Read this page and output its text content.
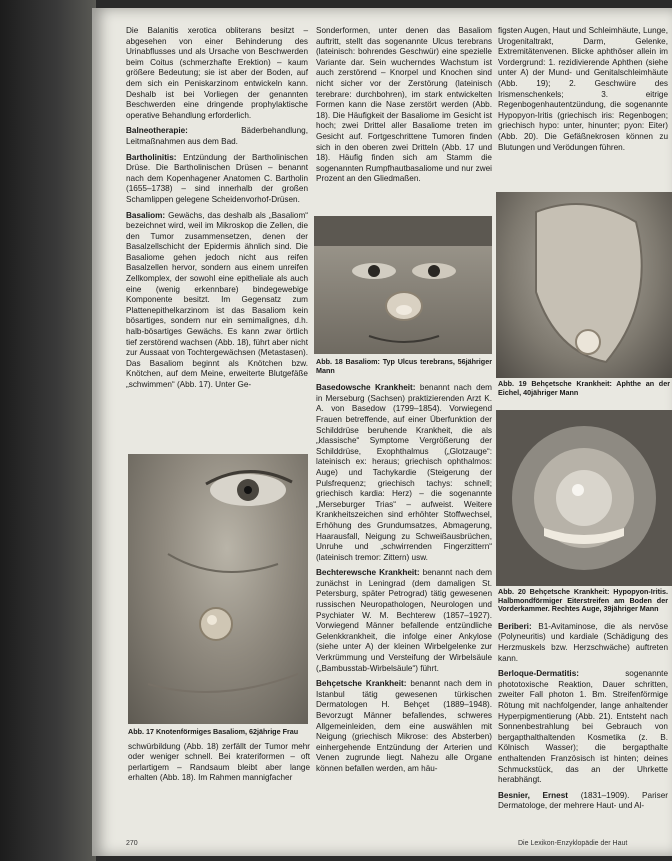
Die Balanitis xerotica obliterans besitzt – abgesehen von einer Behinderung des Urinabflusses und als Ursache von Beschwerden beim Coitus (schmerzhafte Erektion) – kaum größere Bedeutung; sie ist aber der Boden, auf dem sich ein Peniskarzinom entwickeln kann. Deshalb ist bei Vorliegen der genannten Beschwerden eine dringende prophylaktische operative Behandlung erforderlich.

Balneotherapie:	Bäderbehandlung, Leitmaßnahmen aus dem Bad.

Bartholinitis: Entzündung der Bartholinischen Drüse. Die Bartholinischen Drüsen – benannt nach dem Kopenhagener Anatomen C. Bartholin (1655–1738) – sind innerhalb der großen Schamlippen gelegene Scheidenvorhof-Drüsen.

Basaliom: Gewächs, das deshalb als „Basaliom“ bezeichnet wird, weil im Mikroskop die Zellen, die den Tumor zusammensetzen, denen der Basalzellschicht der Epidermis ähnlich sind. Die Basaliome gehen jedoch nicht aus reifen Basalzellen hervor, sondern aus einem unreifen Zellkomplex, der sowohl eine epitheliale als auch eine (wenig erkennbare) bindegewebige Komponente besitzt. Im Gegensatz zum Plattenepithelkarzinom ist das Basaliom kein bösartiges, sondern nur ein semimalignes, d.h. halb-bösartiges Gewächs. Es kann zwar örtlich tief zerstörend wachsen (Abb. 18), führt aber nicht zur Aussaat von Tochtergewächsen (Metastasen). Das Basaliom beginnt als Knötchen bzw. Knötchen, auf dem Meine, erweiterte Blutgefäße „schwimmen“ (Abb. 17). Unter Ge-

Abb. 17 Knotenförmiges Basaliom, 62jährige Frau

schwürbildung (Abb. 18) zerfällt der Tumor mehr oder weniger schnell. Bei krateriformen – oft perlartigem – Randsaum bleibt aber lange erhalten (Abb. 18). Im Rahmen mannigfacher

Sonderformen, unter denen das Basaliom auftritt, stellt das sogenannte Ulcus terebrans (lateinisch: bohrendes Geschwür) eine spezielle Variante dar. Sein wucherndes Wachstum ist auch zerstörend – Knorpel und Knochen sind nicht sicher vor der Zerstörung (lateinisch terebrare: durchbohren), im stark entwickelten Formen kann die Nase zerstört werden (Abb. 18). Die Häufigkeit der Basaliome im Gesicht ist hoch; zwei Drittel aller Basaliome treten im Gesicht auf. Fortgeschrittene Tumoren finden sich in den oberen zwei Dritteln (Abb. 17 und 18). Häufig finden sich am Stamm die sogenannten Rumpfhautbasaliome und nur zwei Prozent an den Gliedmaßen.

Abb. 18 Basaliom: Typ Ulcus terebrans, 56jähriger Mann

Basedowsche Krankheit: benannt nach dem in Merseburg (Sachsen) praktizierenden Arzt K. A. von Basedow (1799–1854). Vorwiegend Frauen betreffende, auf einer Überfunktion der Schilddrüse beruhende Krankheit, die als „klassische“ Symptome Vergrößerung der Schilddrüse, Exophthalmus („Glotzauge“: lateinisch ex: heraus; griechisch ophthalmos: Auge) und Tachykardie (Steigerung der Pulsfrequenz; griechisch tachys: schnell; griechisch kardia: Herz) – die sogenannte „Merseburger Trias“ – aufweist. Weitere Krankheitszeichen sind erhöhter Stoffwechsel, Erhöhung des Grundumsatzes, Abmagerung, Haarausfall, Neigung zu Schweißausbrüchen, Unruhe und „schwirrenden Fingerzittern“ (lateinisch tremor: Zittern) usw.

Bechterewsche Krankheit: benannt nach dem zunächst in Leningrad (dem damaligen St. Petersburg, später Petrograd) tätig gewesenen russischen Neuropathologen, Neurologen und Psychiater W. M. Bechterew (1857–1927). Vorwiegend Männer befallende entzündliche Gelenkkrankheit, die infolge einer Ankylose (siehe unter A) der kleinen Wirbelgelenke zur Verkrümmung und Versteifung der Wirbelsäule („Bambusstab-Wirbelsäule“) führt.

Behçetsche Krankheit: benannt nach dem in Istanbul tätig gewesenen türkischen Dermatologen H. Behçet (1889–1948). Bevorzugt Männer befallendes, schweres Allgemeinleiden, dem eine auswählen mit Neigung (griechisch Mikrose: des Absterben) einhergehende Entzündung der Arterien und Venen zugrunde liegt. Nahezu alle Organe können befallen werden, am häu-

figsten Augen, Haut und Schleimhäute, Lunge, Urogenitaltrakt, Darm, Gelenke, Extremitätenvenen. Blicke aphthöser allein im Vordergrund: 1. rezidivierende Aphthen (siehe unter A) der Mund- und Genitalschleimhäute (Abb. 19); 2. Geschwüre des Irismenschenkels; 3. eitrige Regenbogenhautentzündung, die sogenannte Hypopyon-Iritis (griechisch iris: Regenbogen; griechisch hypo: unter, hinunter; pyon: Eiter) (Abb. 20). Die Gefäßnekrosen können zu Blutungen und Verödungen führen.

Abb. 19 Behçetsche Krankheit: Aphthe an der Eichel, 40jähriger Mann

Abb. 20 Behçetsche Krankheit: Hypopyon-Iritis. Halbmondförmiger Eiterstreifen am Boden der Vorderkammer. Rechtes Auge, 39jähriger Mann

Beriberi: B1-Avitaminose, die als nervöse (Polyneuritis) und kardiale (Schädigung des Herzmuskels bzw. Herzschwäche) auftreten kann.

Berloque-Dermatitis:	sogenannte phototoxische Reaktion, Dauer schritten, zweiter Fall photon 1. Bm. Streifenförmige Rötung mit nachfolgender, lange anhaltender Hyperpigmentierung (Abb. 21). Entsteht nach Sonnenbestrahlung bei Gebrauch von bergapthalthaltenden Kosmetika (z. B. Kölnisch Wasser); die bergapthalte enthaltenden Französisch ist hinten; deines Schmuckstück, das an der Uhrkette herabhängt.

Besnier, Ernest (1831–1909). Pariser Dermatologe, der mehrere Haut- und Al-

270	Die Lexikon-Enzyklopädie der Haut
